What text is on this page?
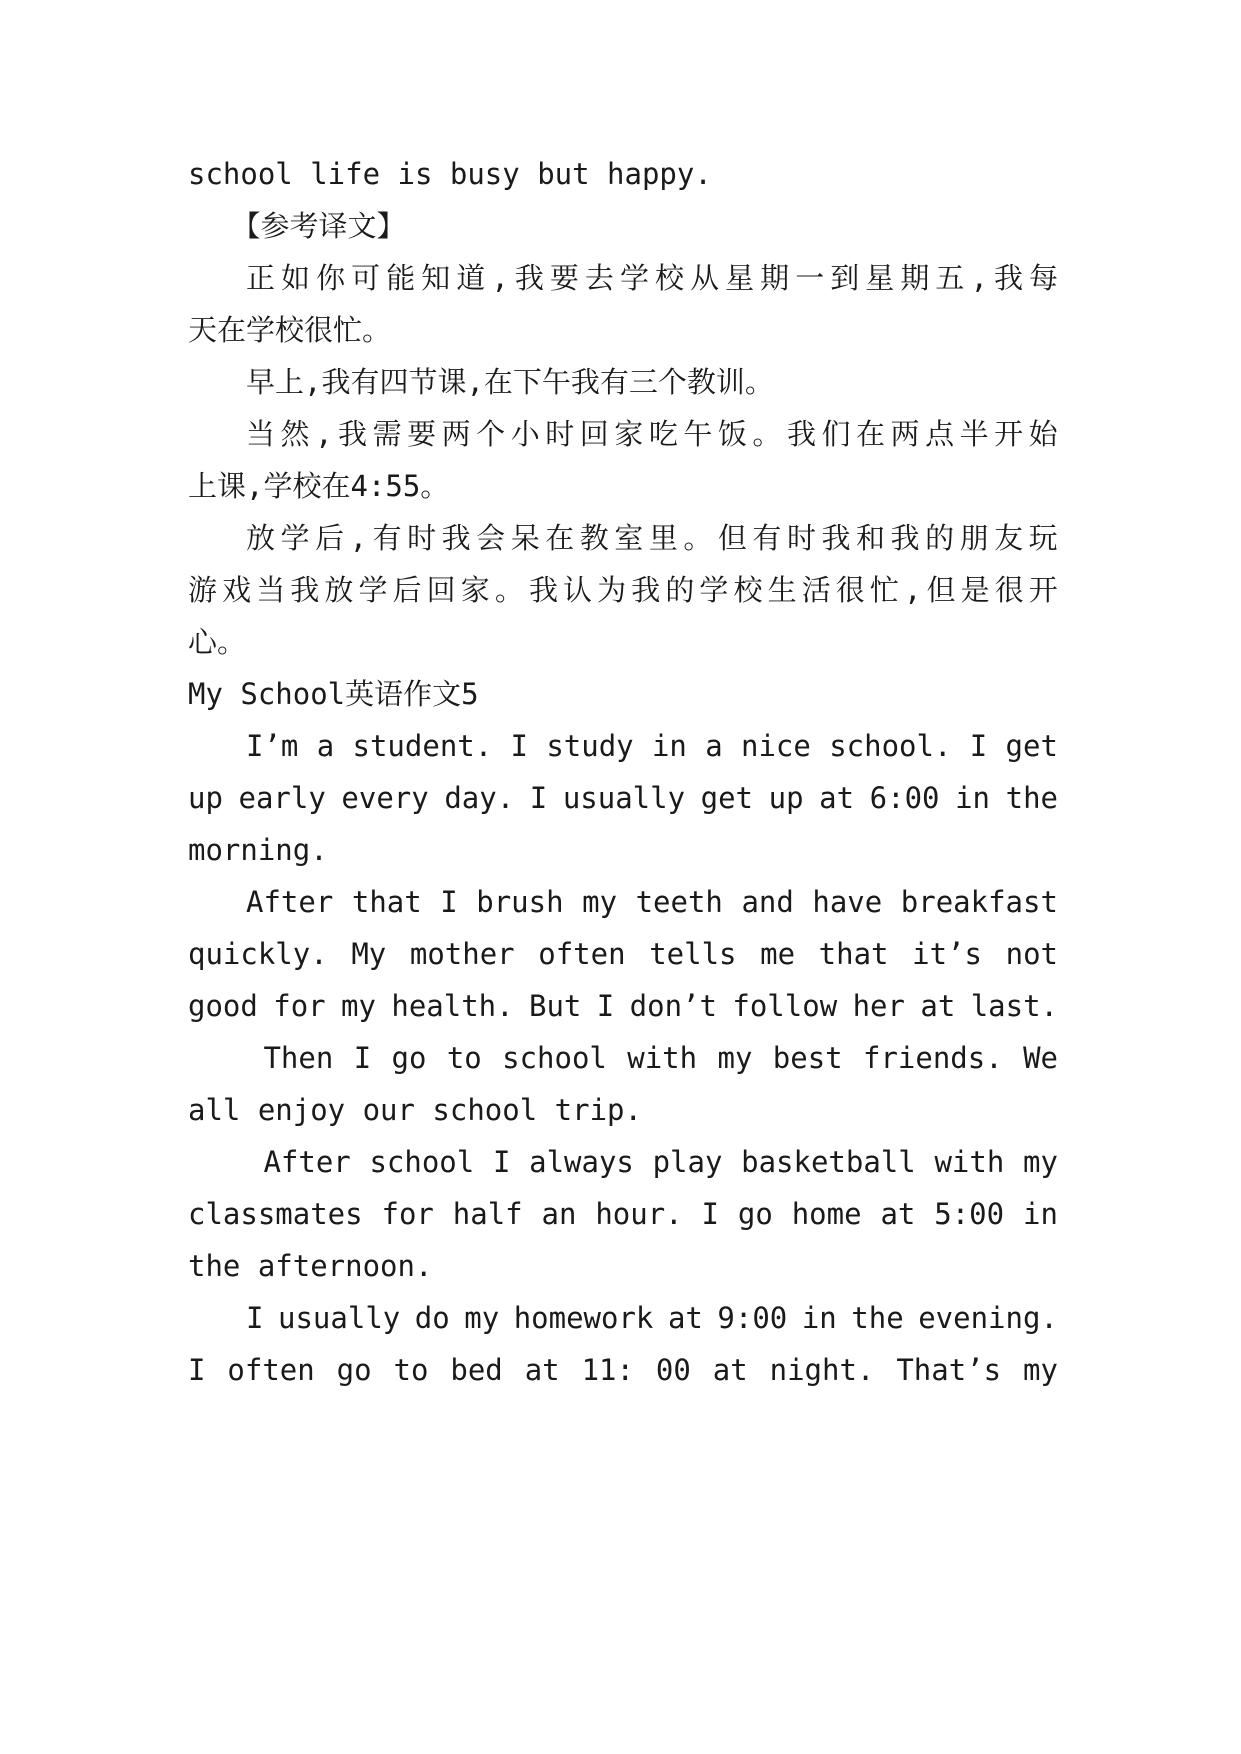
school life is busy but happy.
　　【参考译文】
　　正 如 你 可 能 知 道 , 我 要 去 学 校 从 星 期 一 到 星 期 五 , 我 每
天在学校很忙。
　　早上,我有四节课,在下午我有三个教训。
　　当 然 , 我 需 要 两 个 小 时 回 家 吃 午 饭 。 我 们 在 两 点 半 开 始
上课,学校在4:55。
　　放 学 后 , 有 时 我 会 呆 在 教 室 里 。 但 有 时 我 和 我 的 朋 友 玩
游 戏 当 我 放 学 后 回 家 。 我 认 为 我 的 学 校 生 活 很 忙 , 但 是 很 开
心。
My School英语作文5
　　I’m a student. I study in a nice school. I get
up early every day. I usually get up at 6:00 in the
morning.
　　After that I brush my teeth and have breakfast
quickly. My mother often tells me that it’s not
good for my health. But I don’t follow her at last.
　　 Then I go to school with my best friends. We
all enjoy our school trip.
　　 After school I always play basketball with my
classmates for half an hour. I go home at 5:00 in
the afternoon.
　　I usually do my homework at 9:00 in the evening.
I often go to bed at 11: 00 at night. That’s my
